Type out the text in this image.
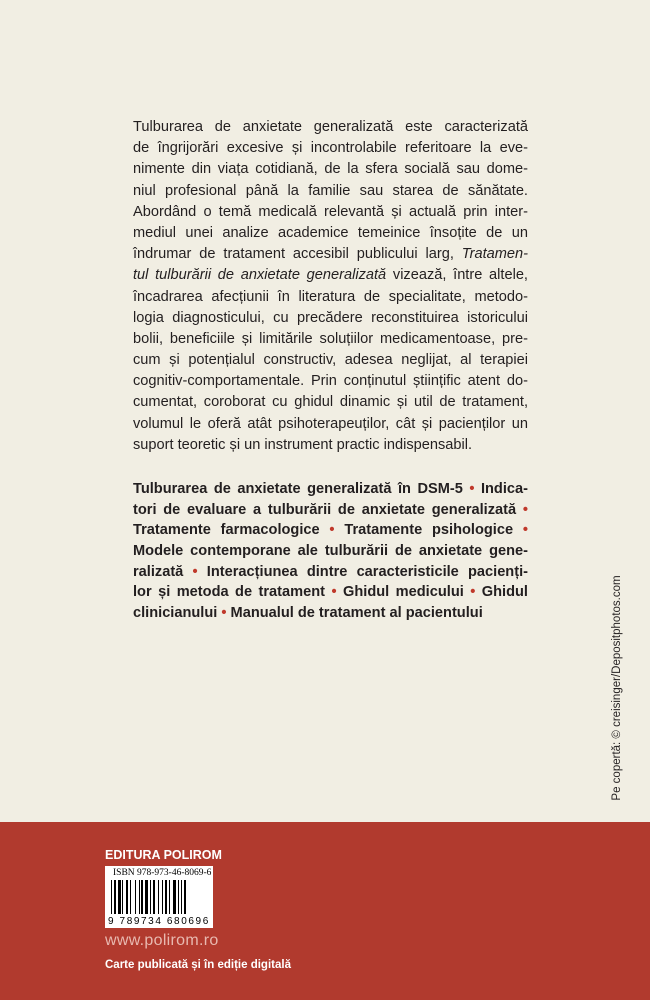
Tulburarea de anxietate generalizată este caracterizată
de îngrijorări excesive și incontrolabile referitoare la eve-
nimente din viața cotidiană, de la sfera socială sau dome-
niul profesional până la familie sau starea de sănătate.
Abordând o temă medicală relevantă și actuală prin inter-
mediul unei analize academice temeinice însoțite de un
îndrumar de tratament accesibil publicului larg, Tratamen-
tul tulburării de anxietate generalizată vizează, între altele,
încadrarea afecțiunii în literatura de specialitate, metodo-
logia diagnosticului, cu precădere reconstituirea istoricului
bolii, beneficiile și limitările soluțiilor medicamentoase, pre-
cum și potențialul constructiv, adesea neglijat, al terapiei
cognitiv-comportamentale. Prin conținutul științific atent do-
cumentat, coroborat cu ghidul dinamic și util de tratament,
volumul le oferă atât psihoterapeuților, cât și pacienților un
suport teoretic și un instrument practic indispensabil.
Tulburarea de anxietate generalizată în DSM-5 • Indica-
tori de evaluare a tulburării de anxietate generalizată •
Tratamente farmacologice • Tratamente psihologice •
Modele contemporane ale tulburării de anxietate gene-
ralizată • Interacțiunea dintre caracteristicile pacienți-
lor și metoda de tratament • Ghidul medicului • Ghidul
clinicianului • Manualul de tratament al pacientului	Pe copertă: © creisinger/Depositphotos.com
EDITURA POLIROM
ISBN 978-973-46-8069-6
9 789734 680696
www.polirom.ro
Carte publicată și în ediție digitală
